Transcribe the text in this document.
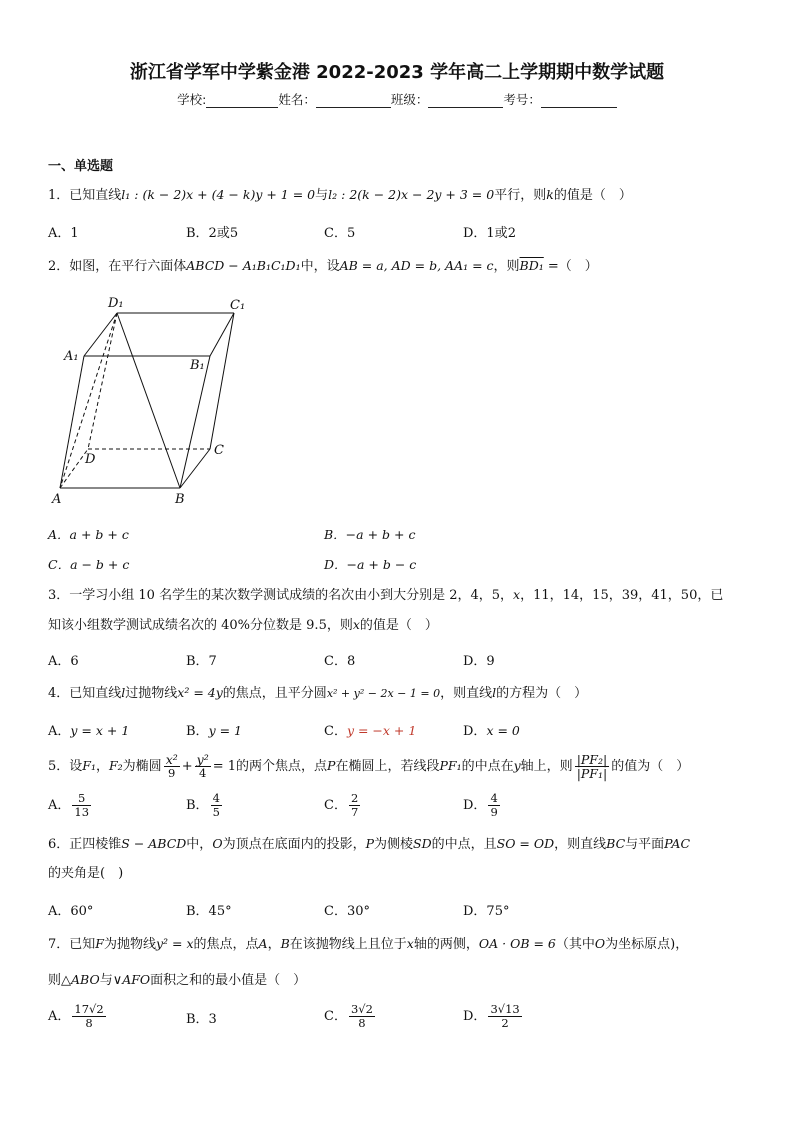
浙江省学军中学紫金港 2022-2023 学年高二上学期期中数学试题
学校:	姓名：	班级：	考号：
一、单选题
1．已知直线l₁ : (k − 2)x + (4 − k)y + 1 = 0与l₂ : 2(k − 2)x − 2y + 3 = 0平行，则k的值是（　）
A．1	B．2或5	C．5	D．1或2
2．如图，在平行六面体ABCD − A₁B₁C₁D₁中，设AB = a, AD = b, AA₁ = c，则BD₁ =（　）
D₁	C₁
A₁
B₁
D
C
A	B
A．a + b + c	B．−a + b + c
C．a − b + c	D．−a + b − c
3．一学习小组 10 名学生的某次数学测试成绩的名次由小到大分别是 2，4，5，x，11，14，15，39，41，50，已
知该小组数学测试成绩名次的 40%分位数是 9.5，则x的值是（　）
A．6	B．7	C．8	D．9
4．已知直线l过抛物线x² = 4y的焦点，且平分圆x² + y² − 2x − 1 = 0，则直线l的方程为（　）
A．y = x + 1	B．y = 1	C．y = −x + 1	D．x = 0
5．设F₁，F₂为椭圆 $\frac{\text{x²}}{9} + \frac{\text{y²}}{4} = 1$的两个焦点，点P在椭圆上，若线段PF₁的中点在y轴上，则 $\frac{\text{|PF₂|}}{\text{|PF₁|}}$ 的值为（　）
A． $\frac{5}{13}$	B． $\frac{4}{5}$	C． $\frac{2}{7}$	D． $\frac{4}{9}$
6．正四棱锥S − ABCD中，O为顶点在底面内的投影，P为侧棱SD的中点，且SO = OD，则直线BC与平面PAC
的夹角是(　)
A．60°	B．45°	C．30°	D．75°
7．已知F为抛物线y² = x的焦点，点A，B在该抛物线上且位于x轴的两侧，OA · OB = 6（其中O为坐标原点)，
则△ABO与∨AFO面积之和的最小值是（　）
A． $\frac{17√2}{8}$	B．3	C． $\frac{3√2}{8}$	D． $\frac{3√13}{2}$
